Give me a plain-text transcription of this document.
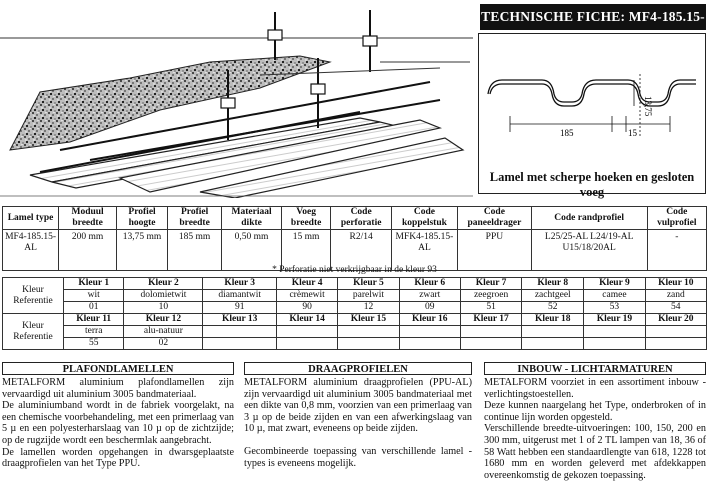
TECHNISCHE FICHE: MF4-185.15-AL
13,75
185	15
Lamel met scherpe hoeken en gesloten voeg
Lamel type	Moduul breedte	Profiel hoogte	Profiel breedte	Materiaal dikte	Voeg breedte	Code perforatie	Code koppelstuk	Code paneeldrager	Code randprofiel	Code vulprofiel
MF4-185.15-AL	200 mm	13,75 mm	185 mm	0,50 mm	15 mm	R2/14	MFK4-185.15-AL	PPU	L25/25-AL L24/19-AL U15/18/20AL	-
* Perforatie niet verkrijgbaar in de kleur 93
Kleur Referentie	Kleur 1	Kleur 2	Kleur 3	Kleur 4	Kleur 5	Kleur 6	Kleur 7	Kleur 8	Kleur 9	Kleur 10
	wit	dolomietwit	diamantwit	crèmewit	parelwit	zwart	zeegroen	zachtgeel	camee	zand
	01	10	91	90	12	09	51	52	53	54
Kleur Referentie	Kleur 11	Kleur 12	Kleur 13	Kleur 14	Kleur 15	Kleur 16	Kleur 17	Kleur 18	Kleur 19	Kleur 20
	terra	alu-natuur								
	55	02								
PLAFONDLAMELLEN

METALFORM aluminium plafondlamellen zijn vervaardigd uit aluminium 3005 bandmateriaal.

De aluminiumband wordt in de fabriek voorgelakt, na een chemische voorbehandeling, met een primerlaag van 5 µ en een polyesterharslaag van 10 µ op de zichtzijde; op de rugzijde wordt een beschermlak aangebracht.

De lamellen worden opgehangen in dwarsgeplaatste draagprofielen van het Type PPU.

DRAAGPROFIELEN

METALFORM aluminium draagprofielen (PPU-AL) zijn vervaardigd uit aluminium 3005 bandmateriaal met een dikte van 0,8 mm, voorzien van een primerlaag van 3 µ op de beide zijden en van een afwerkingslaag van 10 µ, mat zwart, eveneens op beide zijden.

Gecombineerde toepassing van verschillende lamel - types is eveneens mogelijk.

INBOUW - LICHTARMATUREN

METALFORM voorziet in een assortiment inbouw - verlichtingstoestellen.

Deze kunnen naargelang het Type, onderbroken of in continue lijn worden opgesteld.

Verschillende breedte-uitvoeringen: 100, 150, 200 en 300 mm, uitgerust met 1 of 2 TL lampen van 18, 36 of 58 Watt hebben een standaardlengte van 618, 1228 tot 1680 mm en worden geleverd met afdekkappen overeenkomstig de gekozen toepassing.
